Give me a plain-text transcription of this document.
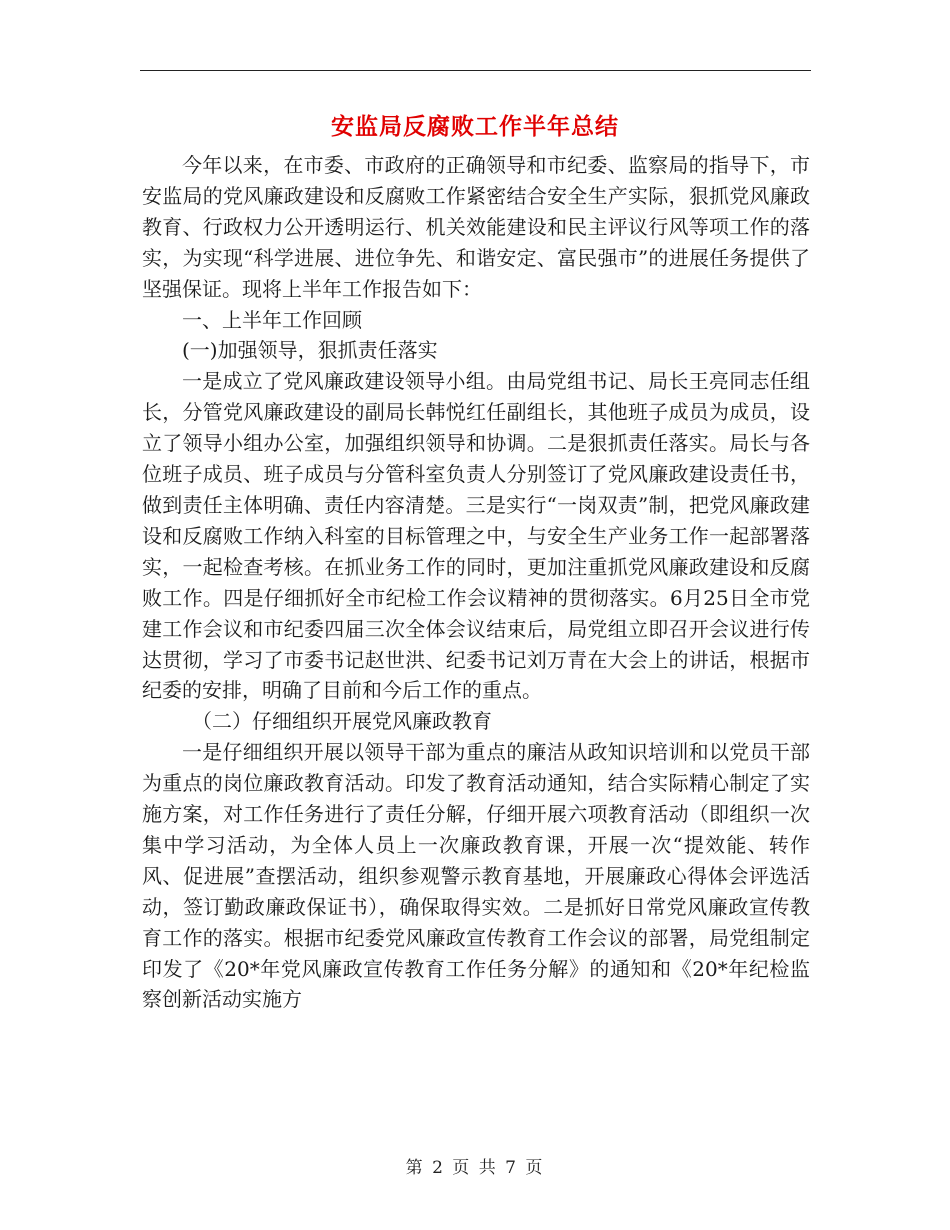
安监局反腐败工作半年总结

今年以来，在市委、市政府的正确领导和市纪委、监察局的指导下，市安监局的党风廉政建设和反腐败工作紧密结合安全生产实际，狠抓党风廉政教育、行政权力公开透明运行、机关效能建设和民主评议行风等项工作的落实，为实现“科学进展、进位争先、和谐安定、富民强市”的进展任务提供了坚强保证。现将上半年工作报告如下：

一、上半年工作回顾

(一)加强领导，狠抓责任落实

一是成立了党风廉政建设领导小组。由局党组书记、局长王亮同志任组长，分管党风廉政建设的副局长韩悦红任副组长，其他班子成员为成员，设立了领导小组办公室，加强组织领导和协调。二是狠抓责任落实。局长与各位班子成员、班子成员与分管科室负责人分别签订了党风廉政建设责任书，做到责任主体明确、责任内容清楚。三是实行“一岗双责”制，把党风廉政建设和反腐败工作纳入科室的目标管理之中，与安全生产业务工作一起部署落实，一起检查考核。在抓业务工作的同时，更加注重抓党风廉政建设和反腐败工作。四是仔细抓好全市纪检工作会议精神的贯彻落实。6月25日全市党建工作会议和市纪委四届三次全体会议结束后，局党组立即召开会议进行传达贯彻，学习了市委书记赵世洪、纪委书记刘万青在大会上的讲话，根据市纪委的安排，明确了目前和今后工作的重点。

（二）仔细组织开展党风廉政教育

一是仔细组织开展以领导干部为重点的廉洁从政知识培训和以党员干部为重点的岗位廉政教育活动。印发了教育活动通知，结合实际精心制定了实施方案，对工作任务进行了责任分解，仔细开展六项教育活动（即组织一次集中学习活动，为全体人员上一次廉政教育课，开展一次“提效能、转作风、促进展”查摆活动，组织参观警示教育基地，开展廉政心得体会评选活动，签订勤政廉政保证书），确保取得实效。二是抓好日常党风廉政宣传教育工作的落实。根据市纪委党风廉政宣传教育工作会议的部署，局党组制定印发了《20*年党风廉政宣传教育工作任务分解》的通知和《20*年纪检监察创新活动实施方

第 2 页 共 7 页
